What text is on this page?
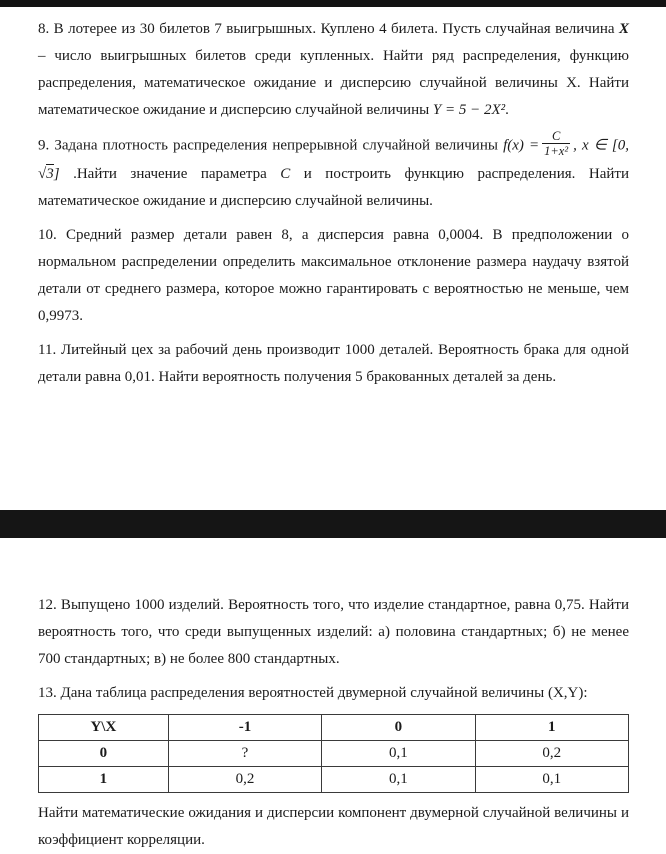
8. В лотерее из 30 билетов 7 выигрышных. Куплено 4 билета. Пусть случайная величина X – число выигрышных билетов среди купленных. Найти ряд распределения, функцию распределения, математическое ожидание и дисперсию случайной величины X. Найти математическое ожидание и дисперсию случайной величины Y = 5 − 2X².

9. Задана плотность распределения непрерывной случайной величины $f(x) = \frac{C}{\text{1+x²}}$ , x ∈ [0, √3] .Найти значение параметра C и построить функцию распределения. Найти математическое ожидание и дисперсию случайной величины.

10. Средний размер детали равен 8, а дисперсия равна 0,0004. В предположении о нормальном распределении определить максимальное отклонение размера наудачу взятой детали от среднего размера, которое можно гарантировать с вероятностью не меньше, чем 0,9973.

11. Литейный цех за рабочий день производит 1000 деталей. Вероятность брака для одной детали равна 0,01. Найти вероятность получения 5 бракованных деталей за день.

12. Выпущено 1000 изделий. Вероятность того, что изделие стандартное, равна 0,75. Найти вероятность того, что среди выпущенных изделий: а) половина стандартных; б) не менее 700 стандартных; в) не более 800 стандартных.

13. Дана таблица распределения вероятностей двумерной случайной величины (X,Y):

Y\X	-1	0	1
0	?	0,1	0,2
1	0,2	0,1	0,1

Найти математические ожидания и дисперсии компонент двумерной случайной величины и коэффициент корреляции.
